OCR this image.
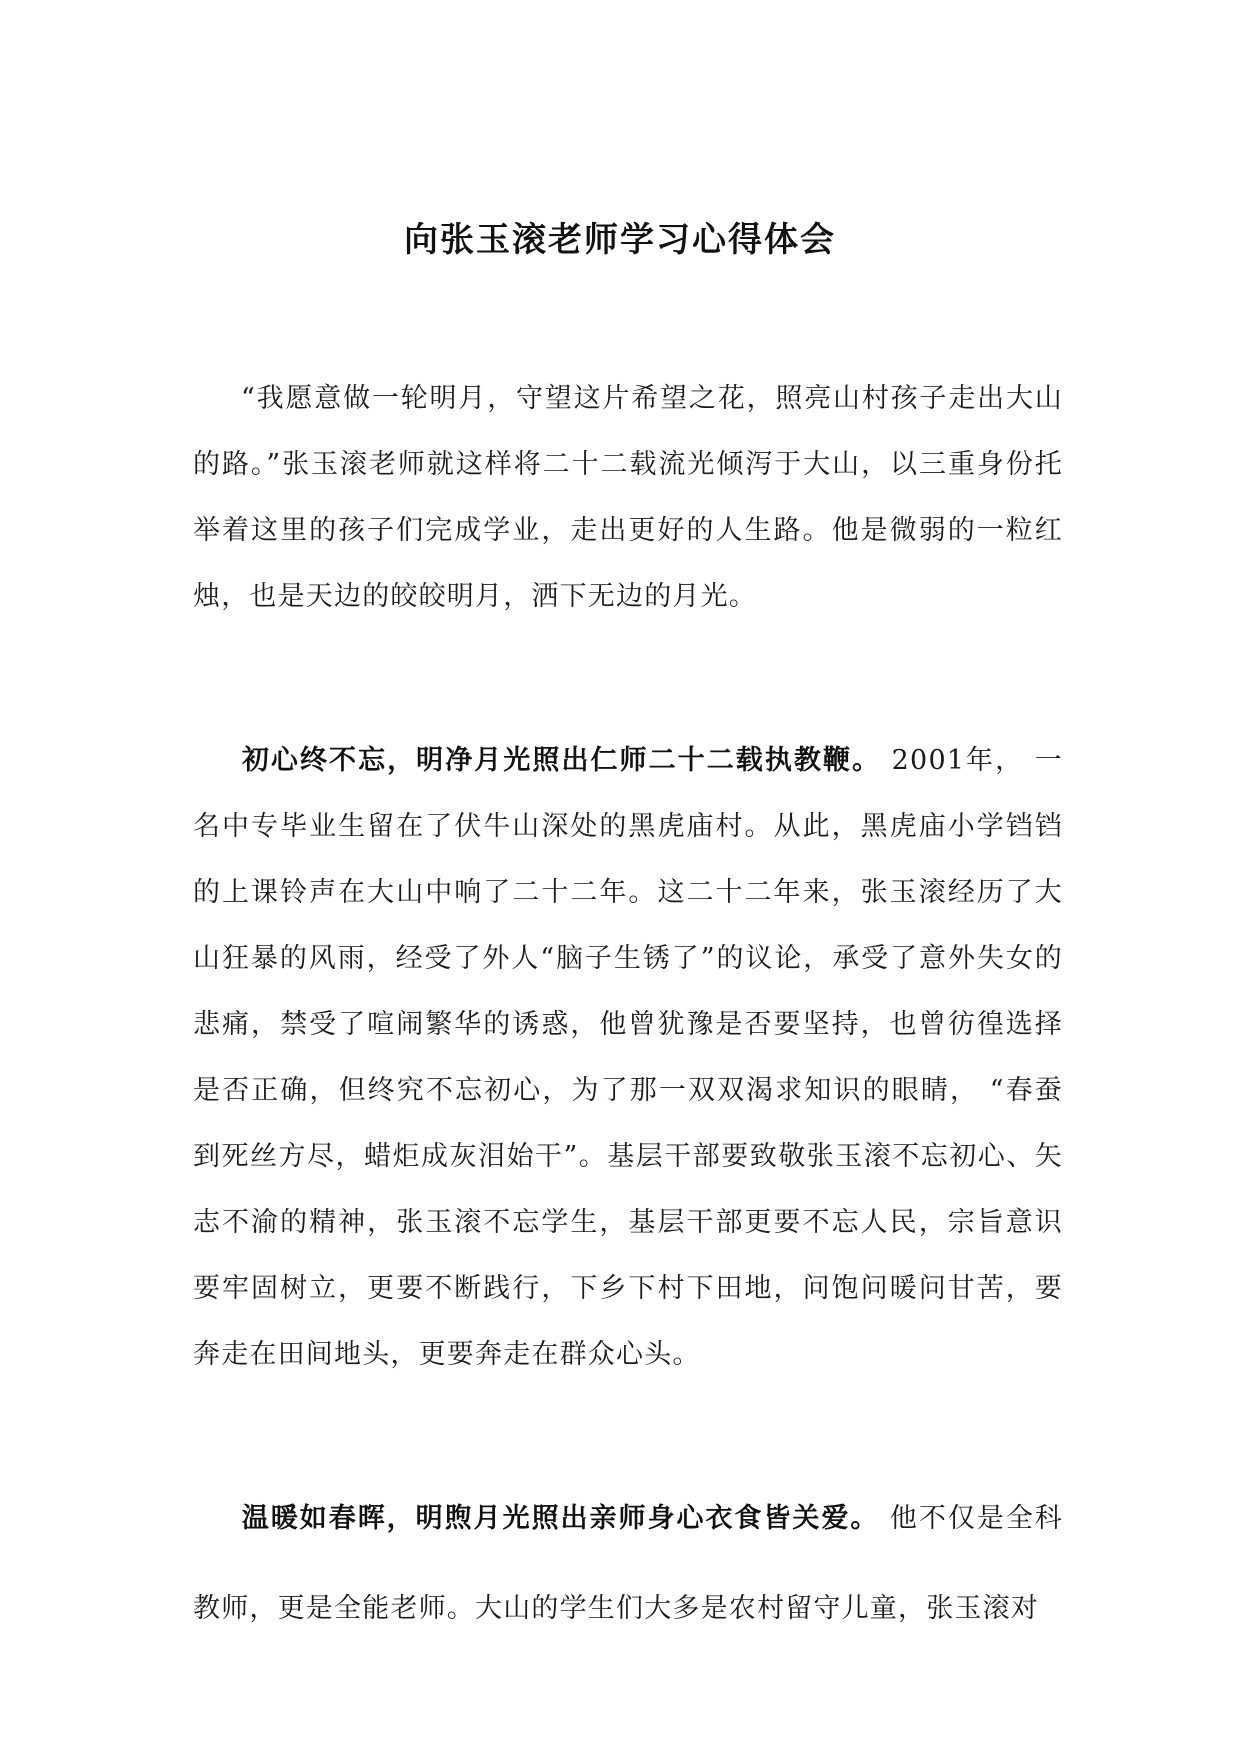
向张玉滚老师学习心得体会
“我愿意做一轮明月，守望这片希望之花，照亮山村孩子走出大山的路。”张玉滚老师就这样将二十二载流光倾泻于大山，以三重身份托举着这里的孩子们完成学业，走出更好的人生路。他是微弱的一粒红烛，也是天边的皎皎明月，洒下无边的月光。
初心终不忘，明净月光照出仁师二十二载执教鞭。 2001年， 一名中专毕业生留在了伏牛山深处的黑虎庙村。从此，黑虎庙小学铛铛的上课铃声在大山中响了二十二年。这二十二年来，张玉滚经历了大山狂暴的风雨，经受了外人“脑子生锈了”的议论，承受了意外失女的悲痛，禁受了喧闹繁华的诱惑，他曾犹豫是否要坚持，也曾彷徨选择是否正确，但终究不忘初心，为了那一双双渴求知识的眼睛， “春蚕到死丝方尽，蜡炬成灰泪始干”。基层干部要致敬张玉滚不忘初心、矢志不渝的精神，张玉滚不忘学生，基层干部更要不忘人民，宗旨意识要牢固树立，更要不断践行，下乡下村下田地，问饱问暖问甘苦，要奔走在田间地头，更要奔走在群众心头。
温暖如春晖，明煦月光照出亲师身心衣食皆关爱。 他不仅是全科教师，更是全能老师。大山的学生们大多是农村留守儿童，张玉滚对
